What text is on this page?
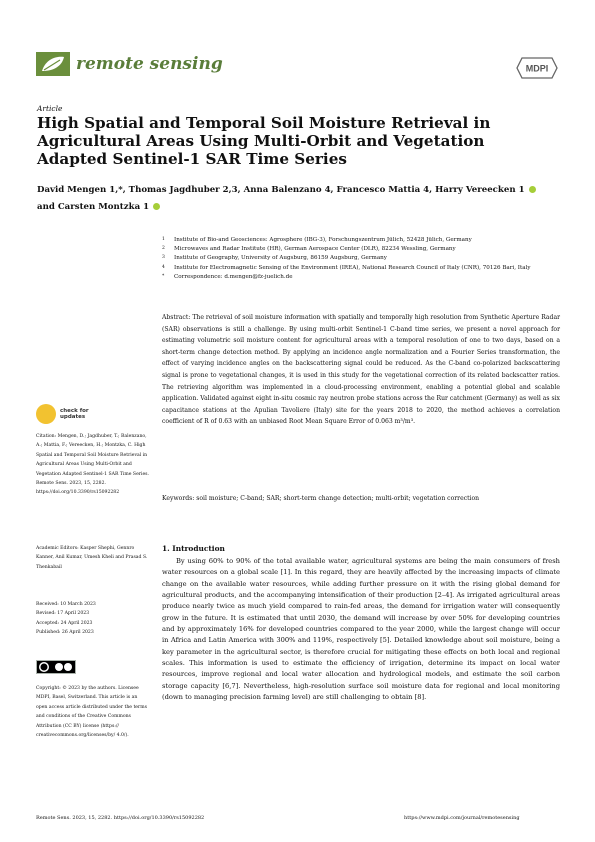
remote sensing	MDPI
Article
High Spatial and Temporal Soil Moisture Retrieval in Agricultural Areas Using Multi-Orbit and Vegetation Adapted Sentinel-1 SAR Time Series
David Mengen 1,*, Thomas Jagdhuber 2,3, Anna Balenzano 4, Francesco Mattia 4, Harry Vereecken 1
and Carsten Montzka 1
1 Institute of Bio-and Geosciences: Agrosphere (IBG-3), Forschungszentrum Jülich, 52428 Jülich, Germany
2 Microwaves and Radar Institute (HR), German Aerospace Center (DLR), 82234 Wessling, Germany
3 Institute of Geography, University of Augsburg, 86159 Augsburg, Germany
4 Institute for Electromagnetic Sensing of the Environment (IREA), National Research Council of Italy (CNR), 70126 Bari, Italy
* Correspondence: d.mengen@fz-juelich.de

Abstract: The retrieval of soil moisture information with spatially and temporally high resolution from Synthetic Aperture Radar (SAR) observations is still a challenge. By using multi-orbit Sentinel-1 C-band time series, we present a novel approach for estimating volumetric soil moisture content for agricultural areas with a temporal resolution of one to two days, based on a short-term change detection method. By applying an incidence angle normalization and a Fourier Series transformation, the effect of varying incidence angles on the backscattering signal could be reduced. As the C-band co-polarized backscattering signal is prone to vegetational changes, it is used in this study for the vegetational correction of its related backscatter ratios. The retrieving algorithm was implemented in a cloud-processing environment, enabling a potential global and scalable application. Validated against eight in-situ cosmic ray neutron probe stations across the Rur catchment (Germany) as well as six capacitance stations at the Apulian Tavoliere (Italy) site for the years 2018 to 2020, the method achieves a correlation coefficient of R of 0.63 with an unbiased Root Mean Square Error of 0.063 m³/m³.

Keywords: soil moisture; C-band; SAR; short-term change detection; multi-orbit; vegetation correction

check for updates

Citation: Mengen, D.; Jagdhuber, T.; Balenzano, A.; Mattia, F.; Vereecken, H.; Montzka, C. High Spatial and Temporal Soil Moisture Retrieval in Agricultural Areas Using Multi-Orbit and Vegetation Adapted Sentinel-1 SAR Time Series. Remote Sens. 2023, 15, 2282. https://doi.org/10.3390/rs15092282

Academic Editors: Kasper Shephi, Gennro Kanner, Anil Kumar, Umesh Kheli and Prasad S. Thenkabail

Received: 10 March 2023
Revised: 17 April 2023
Accepted: 24 April 2023
Published: 26 April 2023

Copyright: © 2023 by the authors. Licensee MDPI, Basel, Switzerland. This article is an open access article distributed under the terms and conditions of the Creative Commons Attribution (CC BY) license (https:// creativecommons.org/licenses/by/ 4.0/).

1. Introduction

By using 60% to 90% of the total available water, agricultural systems are being the main consumers of fresh water resources on a global scale [1]. In this regard, they are heavily affected by the increasing impacts of climate change on the available water resources, while adding further pressure on it with the rising global demand for agricultural products, and the accompanying intensification of their production [2–4]. As irrigated agricultural areas produce nearly twice as much yield compared to rain-fed areas, the demand for irrigation water will consequently grow in the future. It is estimated that until 2030, the demand will increase by over 50% for developing countries and by approximately 16% for developed countries compared to the year 2000, while the largest change will occur in Africa and Latin America with 300% and 119%, respectively [5]. Detailed knowledge about soil moisture, being a key parameter in the agricultural sector, is therefore crucial for mitigating these effects on both local and regional scales. This information is used to estimate the efficiency of irrigation, determine its impact on local water resources, improve regional and local water allocation and hydrological models, and estimate the soil carbon storage capacity [6,7]. Nevertheless, high-resolution surface soil moisture data for regional and local monitoring (down to managing precision farming level) are still challenging to obtain [8].

Remote Sens. 2023, 15, 2282. https://doi.org/10.3390/rs15092282	https://www.mdpi.com/journal/remotesensing
